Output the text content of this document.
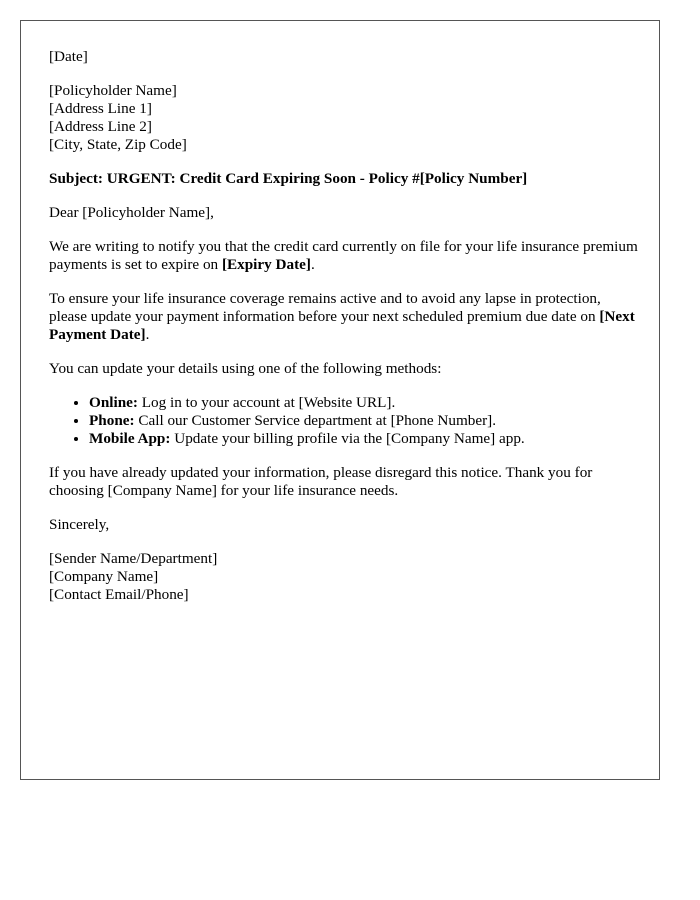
[Date]

[Policyholder Name]
[Address Line 1]
[Address Line 2]
[City, State, Zip Code]

Subject: URGENT: Credit Card Expiring Soon - Policy #[Policy Number]

Dear [Policyholder Name],

We are writing to notify you that the credit card currently on file for your life insurance premium payments is set to expire on [Expiry Date].

To ensure your life insurance coverage remains active and to avoid any lapse in protection, please update your payment information before your next scheduled premium due date on [Next Payment Date].

You can update your details using one of the following methods:

• Online: Log in to your account at [Website URL].
• Phone: Call our Customer Service department at [Phone Number].
• Mobile App: Update your billing profile via the [Company Name] app.

If you have already updated your information, please disregard this notice. Thank you for choosing [Company Name] for your life insurance needs.

Sincerely,

[Sender Name/Department]
[Company Name]
[Contact Email/Phone]
